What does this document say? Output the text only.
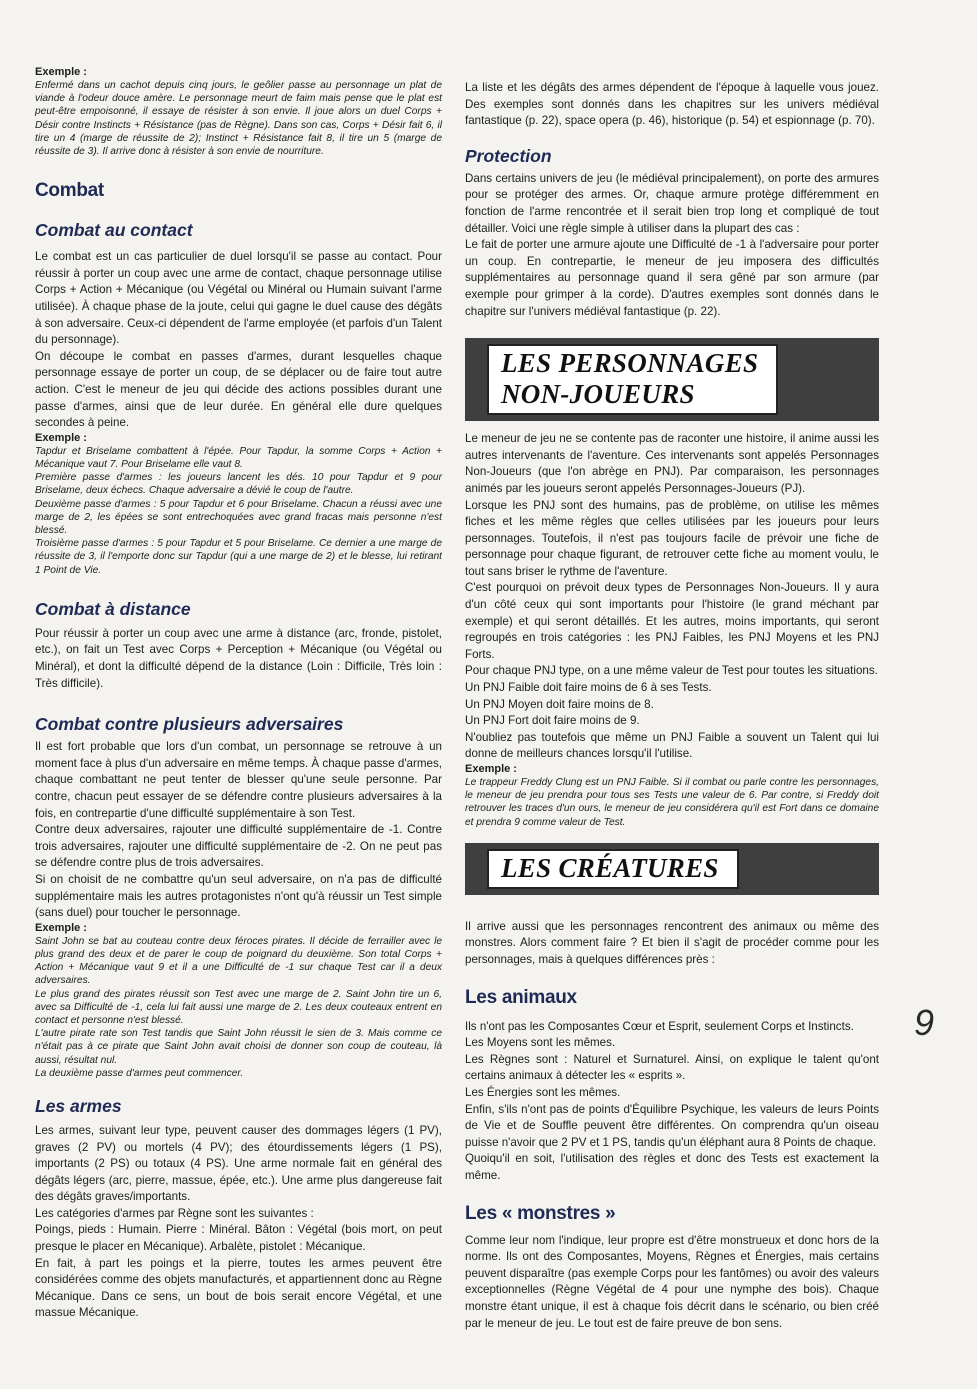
Exemple :

Enfermé dans un cachot depuis cinq jours, le geôlier passe au personnage un plat de viande à l'odeur douce amère. Le personnage meurt de faim mais pense que le plat est peut-être empoisonné, il essaye de résister à son envie. Il joue alors un duel Corps + Désir contre Instincts + Résistance (pas de Règne). Dans son cas, Corps + Désir fait 6, il tire un 4 (marge de réussite de 2); Instinct + Résistance fait 8, il tire un 5 (marge de réussite de 3). Il arrive donc à résister à son envie de nourriture.

Combat
Combat au contact

Le combat est un cas particulier de duel lorsqu'il se passe au contact. Pour réussir à porter un coup avec une arme de contact, chaque personnage utilise Corps + Action + Mécanique (ou Végétal ou Minéral ou Humain suivant l'arme utilisée). À chaque phase de la joute, celui qui gagne le duel cause des dégâts à son adversaire. Ceux-ci dépendent de l'arme employée (et parfois d'un Talent du personnage).

On découpe le combat en passes d'armes, durant lesquelles chaque personnage essaye de porter un coup, de se déplacer ou de faire tout autre action. C'est le meneur de jeu qui décide des actions possibles durant une passe d'armes, ainsi que de leur durée. En général elle dure quelques secondes à peine.

Exemple :

Tapdur et Briselame combattent à l'épée. Pour Tapdur, la somme Corps + Action + Mécanique vaut 7. Pour Briselame elle vaut 8.

Première passe d'armes : les joueurs lancent les dés. 10 pour Tapdur et 9 pour Briselame, deux échecs. Chaque adversaire a dévié le coup de l'autre.

Deuxième passe d'armes : 5 pour Tapdur et 6 pour Briselame. Chacun a réussi avec une marge de 2, les épées se sont entrechoquées avec grand fracas mais personne n'est blessé.

Troisième passe d'armes : 5 pour Tapdur et 5 pour Briselame. Ce dernier a une marge de réussite de 3, il l'emporte donc sur Tapdur (qui a une marge de 2) et le blesse, lui retirant 1 Point de Vie.

Combat à distance

Pour réussir à porter un coup avec une arme à distance (arc, fronde, pistolet, etc.), on fait un Test avec Corps + Perception + Mécanique (ou Végétal ou Minéral), et dont la difficulté dépend de la distance (Loin : Difficile, Très loin : Très difficile).

Combat contre plusieurs adversaires

Il est fort probable que lors d'un combat, un personnage se retrouve à un moment face à plus d'un adversaire en même temps. À chaque passe d'armes, chaque combattant ne peut tenter de blesser qu'une seule personne. Par contre, chacun peut essayer de se défendre contre plusieurs adversaires à la fois, en contrepartie d'une difficulté supplémentaire à son Test.

Contre deux adversaires, rajouter une difficulté supplémentaire de -1. Contre trois adversaires, rajouter une difficulté supplémentaire de -2. On ne peut pas se défendre contre plus de trois adversaires.

Si on choisit de ne combattre qu'un seul adversaire, on n'a pas de difficulté supplémentaire mais les autres protagonistes n'ont qu'à réussir un Test simple (sans duel) pour toucher le personnage.

Exemple :

Saint John se bat au couteau contre deux féroces pirates. Il décide de ferrailler avec le plus grand des deux et de parer le coup de poignard du deuxième. Son total Corps + Action + Mécanique vaut 9 et il a une Difficulté de -1 sur chaque Test car il a deux adversaires.

Le plus grand des pirates réussit son Test avec une marge de 2. Saint John tire un 6, avec sa Difficulté de -1, cela lui fait aussi une marge de 2. Les deux couteaux entrent en contact et personne n'est blessé.

L'autre pirate rate son Test tandis que Saint John réussit le sien de 3. Mais comme ce n'était pas à ce pirate que Saint John avait choisi de donner son coup de couteau, là aussi, résultat nul.

La deuxième passe d'armes peut commencer.

Les armes

Les armes, suivant leur type, peuvent causer des dommages légers (1 PV), graves (2 PV) ou mortels (4 PV); des étourdissements légers (1 PS), importants (2 PS) ou totaux (4 PS). Une arme normale fait en général des dégâts légers (arc, pierre, massue, épée, etc.). Une arme plus dangereuse fait des dégâts graves/importants.

Les catégories d'armes par Règne sont les suivantes :

Poings, pieds : Humain. Pierre : Minéral. Bâton : Végétal (bois mort, on peut presque le placer en Mécanique). Arbalète, pistolet : Mécanique.

En fait, à part les poings et la pierre, toutes les armes peuvent être considérées comme des objets manufacturés, et appartiennent donc au Règne Mécanique. Dans ce sens, un bout de bois serait encore Végétal, et une massue Mécanique.

La liste et les dégâts des armes dépendent de l'époque à laquelle vous jouez. Des exemples sont donnés dans les chapitres sur les univers médiéval fantastique (p. 22), space opera (p. 46), historique (p. 54) et espionnage (p. 70).

Protection

Dans certains univers de jeu (le médiéval principalement), on porte des armures pour se protéger des armes. Or, chaque armure protège différemment en fonction de l'arme rencontrée et il serait bien trop long et compliqué de tout détailler. Voici une règle simple à utiliser dans la plupart des cas :

Le fait de porter une armure ajoute une Difficulté de -1 à l'adversaire pour porter un coup. En contrepartie, le meneur de jeu imposera des difficultés supplémentaires au personnage quand il sera gêné par son armure (par exemple pour grimper à la corde). D'autres exemples sont donnés dans le chapitre sur l'univers médiéval fantastique (p. 22).

LES PERSONNAGES
NON-JOUEURS

Le meneur de jeu ne se contente pas de raconter une histoire, il anime aussi les autres intervenants de l'aventure. Ces intervenants sont appelés Personnages Non-Joueurs (que l'on abrège en PNJ). Par comparaison, les personnages animés par les joueurs seront appelés Personnages-Joueurs (PJ).

Lorsque les PNJ sont des humains, pas de problème, on utilise les mêmes fiches et les même règles que celles utilisées par les joueurs pour leurs personnages. Toutefois, il n'est pas toujours facile de prévoir une fiche de personnage pour chaque figurant, de retrouver cette fiche au moment voulu, le tout sans briser le rythme de l'aventure.

C'est pourquoi on prévoit deux types de Personnages Non-Joueurs. Il y aura d'un côté ceux qui sont importants pour l'histoire (le grand méchant par exemple) et qui seront détaillés. Et les autres, moins importants, qui seront regroupés en trois catégories : les PNJ Faibles, les PNJ Moyens et les PNJ Forts.

Pour chaque PNJ type, on a une même valeur de Test pour toutes les situations.

Un PNJ Faible doit faire moins de 6 à ses Tests.

Un PNJ Moyen doit faire moins de 8.

Un PNJ Fort doit faire moins de 9.

N'oubliez pas toutefois que même un PNJ Faible a souvent un Talent qui lui donne de meilleurs chances lorsqu'il l'utilise.

Exemple :

Le trappeur Freddy Clung est un PNJ Faible. Si il combat ou parle contre les personnages, le meneur de jeu prendra pour tous ses Tests une valeur de 6. Par contre, si Freddy doit retrouver les traces d'un ours, le meneur de jeu considérera qu'il est Fort dans ce domaine et prendra 9 comme valeur de Test.

LES CRÉATURES

Il arrive aussi que les personnages rencontrent des animaux ou même des monstres. Alors comment faire ? Et bien il s'agit de procéder comme pour les personnages, mais à quelques différences près :

Les animaux

Ils n'ont pas les Composantes Cœur et Esprit, seulement Corps et Instincts.

Les Moyens sont les mêmes.

Les Règnes sont : Naturel et Surnaturel. Ainsi, on explique le talent qu'ont certains animaux à détecter les « esprits ».

Les Énergies sont les mêmes.

Enfin, s'ils n'ont pas de points d'Équilibre Psychique, les valeurs de leurs Points de Vie et de Souffle peuvent être différentes. On comprendra qu'un oiseau puisse n'avoir que 2 PV et 1 PS, tandis qu'un éléphant aura 8 Points de chaque.

Quoiqu'il en soit, l'utilisation des règles et donc des Tests est exactement la même.

Les « monstres »

Comme leur nom l'indique, leur propre est d'être monstrueux et donc hors de la norme. Ils ont des Composantes, Moyens, Règnes et Énergies, mais certains peuvent disparaître (pas exemple Corps pour les fantômes) ou avoir des valeurs exceptionnelles (Règne Végétal de 4 pour une nymphe des bois). Chaque monstre étant unique, il est à chaque fois décrit dans le scénario, ou bien créé par le meneur de jeu. Le tout est de faire preuve de bon sens.

9
